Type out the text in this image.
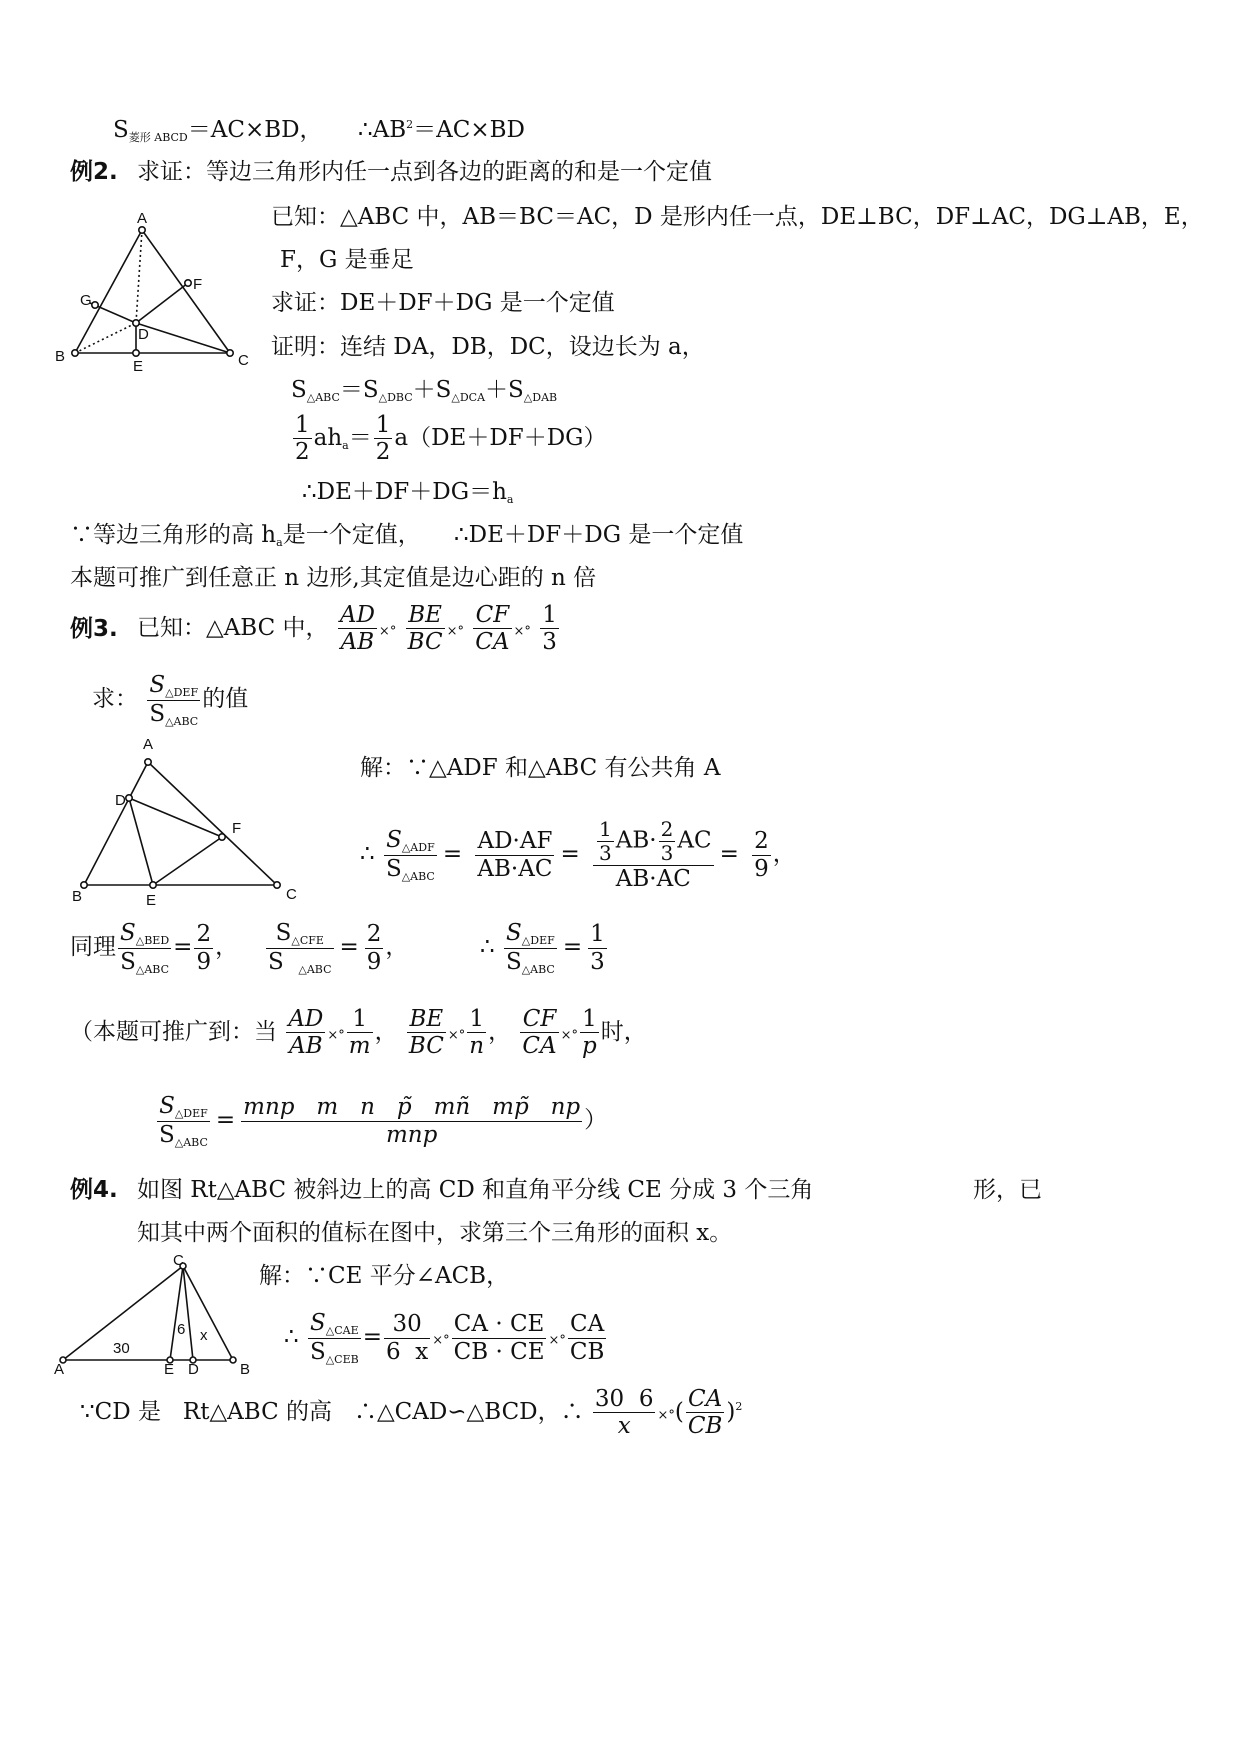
$S_{菱形 ABCD}=AC\times BD$， $\therefore AB^2=AC\times BD$
例2. 求证：等边三角形内任一点到各边的距离的和是一个定值
A
B	C
D
E
F
G
已知：△ABC 中，AB＝BC＝AC，D 是形内任一点，DE⊥BC，DF⊥AC，DG⊥AB，E，
F，G 是垂足
求证：DE＋DF＋DG 是一个定值
证明：连结 DA，DB，DC，设边长为 a，
$S_{\triangle ABC}=S_{\triangle DBC}+S_{\triangle DCA}+S_{\triangle DAB}$
$\frac{1}{2} ah_a= \frac{1}{2} a(DE+DF+DG)$
$\therefore DE+DF+DG=h_a$
∵等边三角形的高 $h_a$是一个定值， ∴DE＋DF＋DG 是一个定值
本题可推广到任意正 n 边形,其定值是边心距的 n 倍
例3. 已知：△ABC 中， $\frac{AD}{AB}$ ×° $\frac{BE}{BC}$ ×° $\frac{CF}{CA}$ ×° $\frac{1}{3}$
求： $\frac{S_{\triangle DEF}}{S_{\triangle ABC}}$ 的值
A
B	C
D
E
F
解：∵△ADF 和△ABC 有公共角 A
∴ $\frac{S_{\triangle ADF}}{S_{\triangle ABC}} = \frac{AD\cdot AF}{AB\cdot AC} = \frac{\frac{1}{3} AB\cdot \frac{2}{3} AC}{AB\cdot AC} = \frac{2}{9}$ ，
同理 $\frac{S_{\triangle BED}}{S_{\triangle ABC}} = \frac{2}{9}$ ， $\frac{S_{\triangle CFE}}{S _{\triangle ABC}} = \frac{2}{9}$ ，	∴ $\frac{S_{\triangle DEF}}{S_{\triangle ABC}} = \frac{1}{3}$
（本题可推广到：当 $\frac{AD}{AB}$ ×° $\frac{1}{m}$ ， $\frac{BE}{BC}$ ×° $\frac{1}{n}$ ， $\frac{CF}{CA}$ ×° $\frac{1}{p}$ 时，
$\frac{S_{\triangle DEF}}{S_{\triangle ABC}} = \frac{\text{mnp   m   n   p̃   mñ   mp̃   np}}{\text{mnp}}$ ）
例4. 如图 Rt△ABC 被斜边上的高 CD 和直角平分线 CE 分成 3 个三角	形，已
知其中两个面积的值标在图中，求第三个三角形的面积 x。
C
A	B
E D
30
6 x
解：∵CE 平分∠ACB，
∴ $\frac{S_{\triangle CAE}}{S_{\triangle CEB}} = \frac{30}{6 x}$ ×° $\frac{CA \cdot CE}{CB \cdot CE}$ ×° $\frac{CA}{CB}$
∵CD 是   Rt△ABC 的高   ∴△CAD∽△BCD，∴ $\frac{30 6}{x}$ ×°( $\frac{CA}{CB} )^2$
